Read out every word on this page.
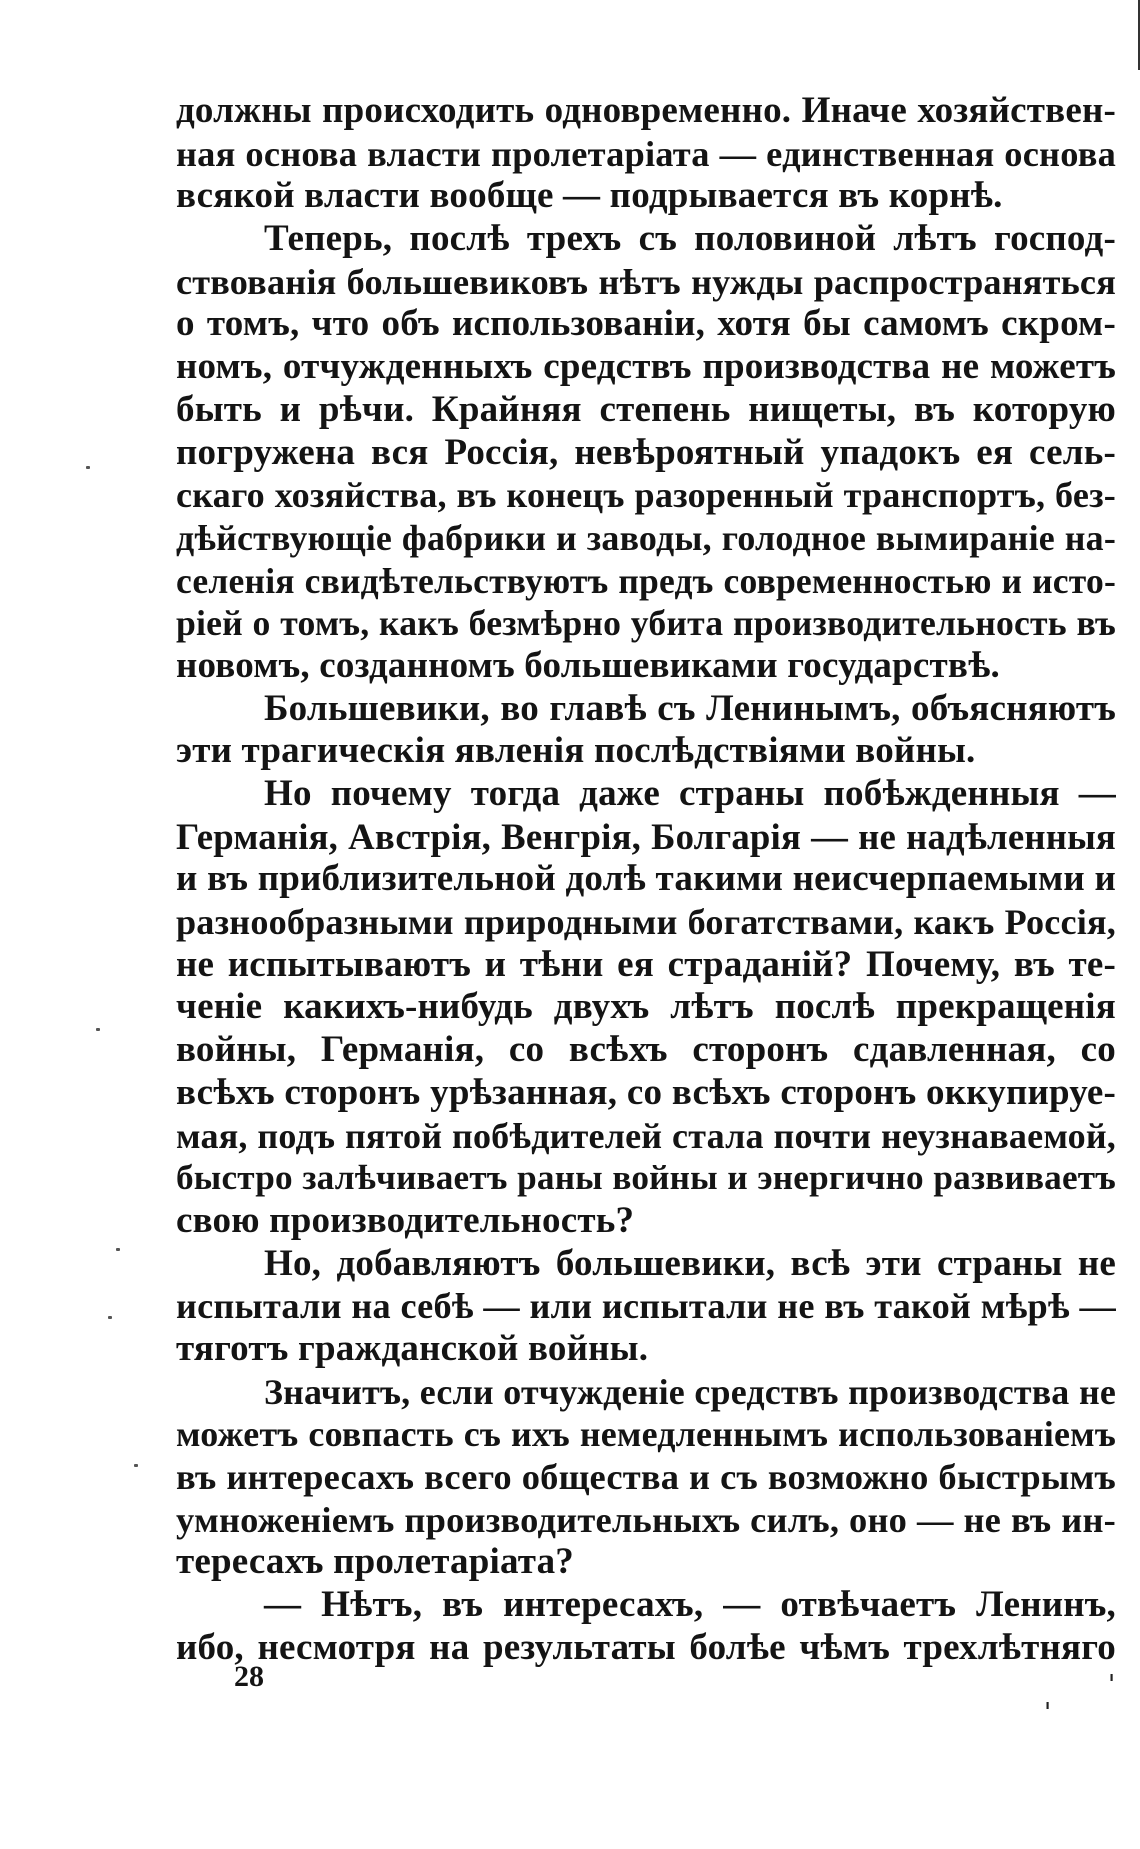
должны происходить одновременно. Иначе хозяйствен-
ная основа власти пролетаріата — единственная основа
всякой власти вообще — подрывается въ корнѣ.
Теперь, послѣ трехъ съ половиной лѣтъ господ-
ствованія большевиковъ нѣтъ нужды распространяться
о томъ, что объ использованіи, хотя бы самомъ скром-
номъ, отчужденныхъ средствъ производства не можетъ
быть и рѣчи. Крайняя степень нищеты, въ которую
погружена вся Россія, невѣроятный упадокъ ея сель-
скаго хозяйства, въ конецъ разоренный транспортъ, без-
дѣйствующіе фабрики и заводы, голодное вымираніе на-
селенія свидѣтельствуютъ предъ современностью и исто-
ріей о томъ, какъ безмѣрно убита производительность въ
новомъ, созданномъ большевиками государствѣ.
Большевики, во главѣ съ Ленинымъ, объясняютъ
эти трагическія явленія послѣдствіями войны.
Но почему тогда даже страны побѣжденныя —
Германія, Австрія, Венгрія, Болгарія — не надѣленныя
и въ приблизительной долѣ такими неисчерпаемыми и
разнообразными природными богатствами, какъ Россія,
не испытываютъ и тѣни ея страданій? Почему, въ те-
ченіе какихъ-нибудь двухъ лѣтъ послѣ прекращенія
войны, Германія, со всѣхъ сторонъ сдавленная, со
всѣхъ сторонъ урѣзанная, со всѣхъ сторонъ оккупируе-
мая, подъ пятой побѣдителей стала почти неузнаваемой,
быстро залѣчиваетъ раны войны и энергично развиваетъ
свою производительность?
Но, добавляютъ большевики, всѣ эти страны не
испытали на себѣ — или испытали не въ такой мѣрѣ —
тяготъ гражданской войны.
Значитъ, если отчужденіе средствъ производства не
можетъ совпасть съ ихъ немедленнымъ использованіемъ
въ интересахъ всего общества и съ возможно быстрымъ
умноженіемъ производительныхъ силъ, оно — не въ ин-
тересахъ пролетаріата?
— Нѣтъ, въ интересахъ, — отвѣчаетъ Ленинъ,
ибо, несмотря на результаты болѣе чѣмъ трехлѣтняго
28	'
'
